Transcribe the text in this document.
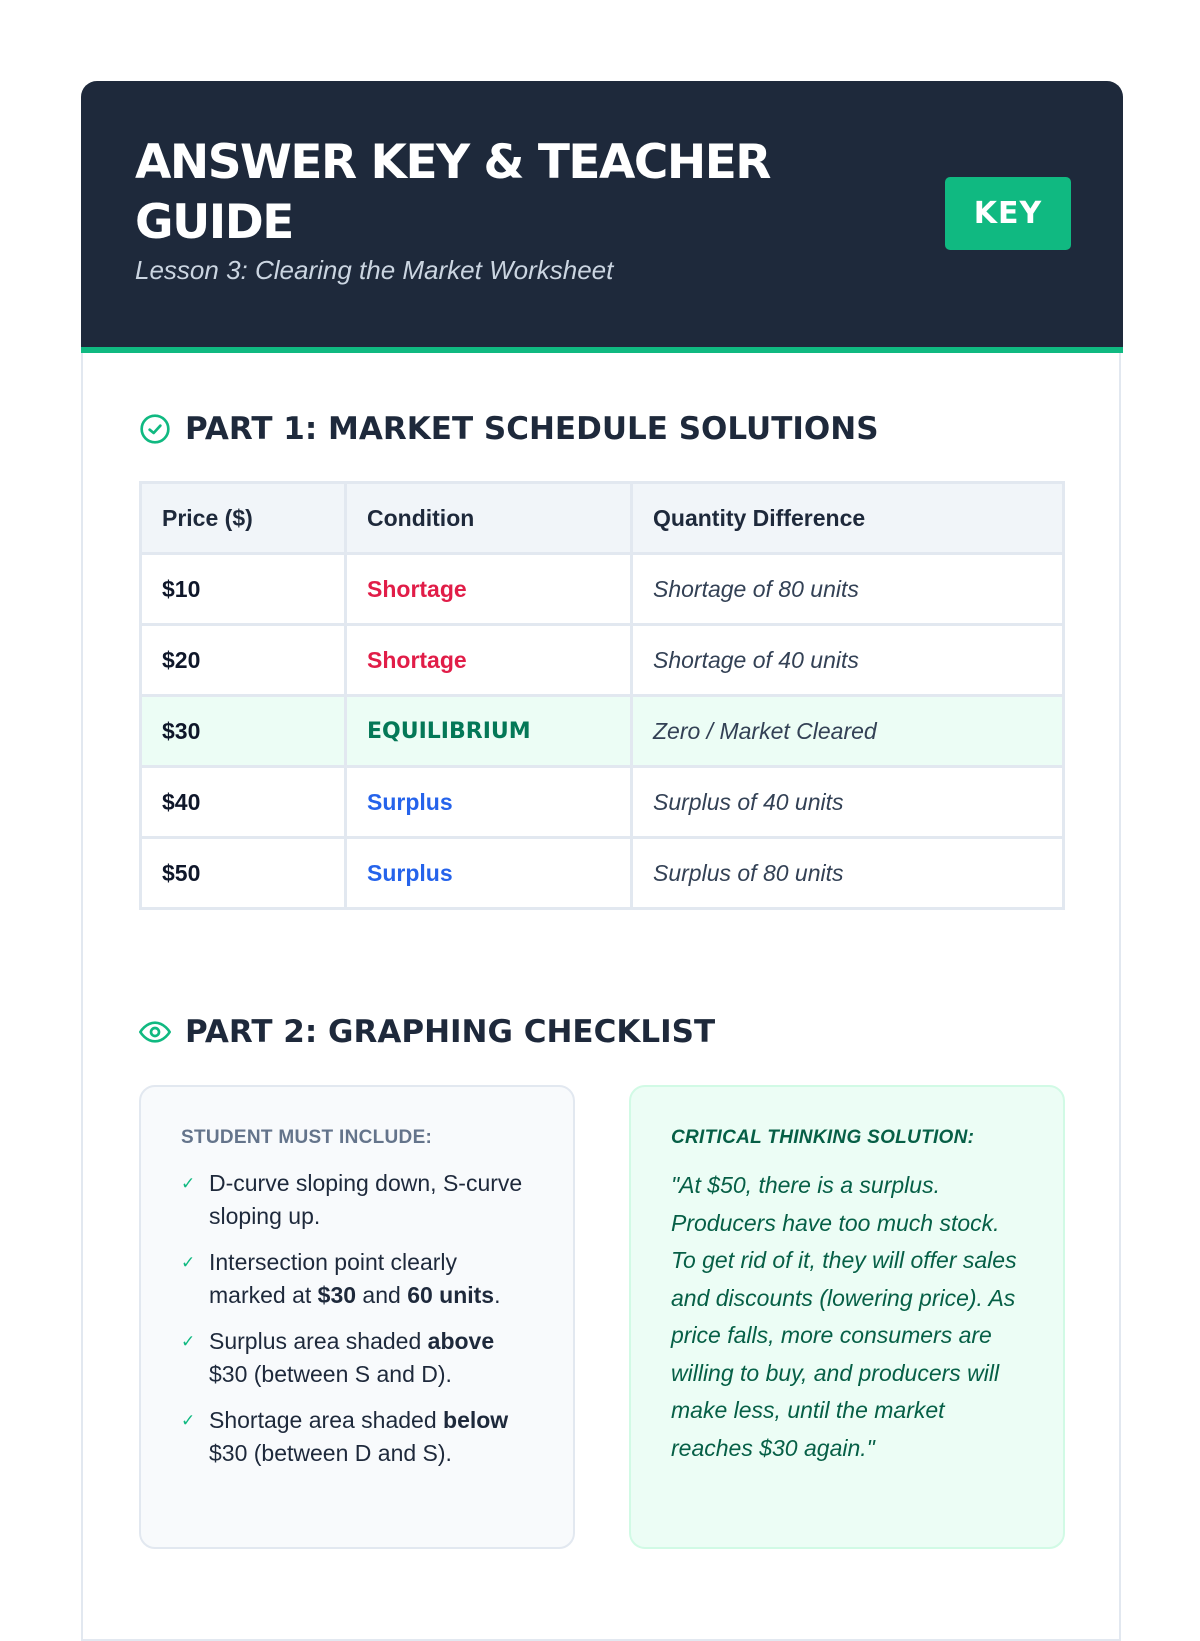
ANSWER KEY & TEACHER GUIDE

Lesson 3: Clearing the Market Worksheet

KEY
PART 1: MARKET SCHEDULE SOLUTIONS
Price ($)	Condition	Quantity Difference
$10	Shortage	Shortage of 80 units
$20	Shortage	Shortage of 40 units
$30	EQUILIBRIUM	Zero / Market Cleared
$40	Surplus	Surplus of 40 units
$50	Surplus	Surplus of 80 units
PART 2: GRAPHING CHECKLIST

STUDENT MUST INCLUDE:

✓ D-curve sloping down, S-curve sloping up.
✓ Intersection point clearly marked at $30 and 60 units.
✓ Surplus area shaded above $30 (between S and D).
✓ Shortage area shaded below $30 (between D and S).

CRITICAL THINKING SOLUTION:

"At $50, there is a surplus. Producers have too much stock. To get rid of it, they will offer sales and discounts (lowering price). As price falls, more consumers are willing to buy, and producers will make less, until the market reaches $30 again."
